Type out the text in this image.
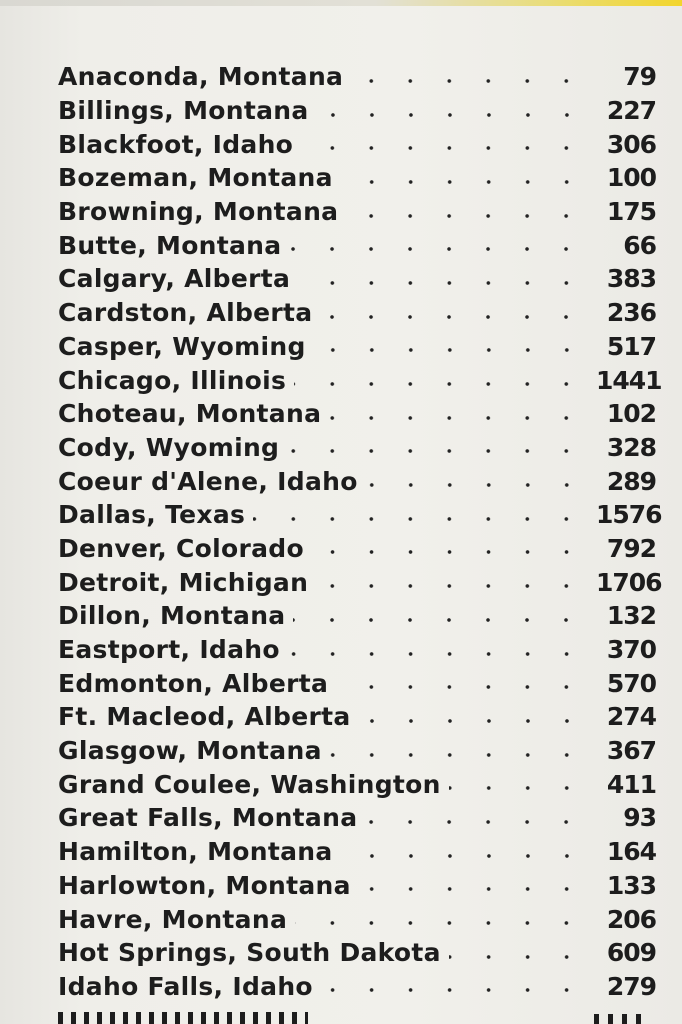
Anaconda, Montana	79
Billings, Montana	227
Blackfoot, Idaho	306
Bozeman, Montana	100
Browning, Montana	175
Butte, Montana	66
Calgary, Alberta	383
Cardston, Alberta	236
Casper, Wyoming	517
Chicago, Illinois	1441
Choteau, Montana	102
Cody, Wyoming	328
Coeur d'Alene, Idaho	289
Dallas, Texas	1576
Denver, Colorado	792
Detroit, Michigan	1706
Dillon, Montana	132
Eastport, Idaho	370
Edmonton, Alberta	570
Ft. Macleod, Alberta	274
Glasgow, Montana	367
Grand Coulee, Washington	411
Great Falls, Montana	93
Hamilton, Montana	164
Harlowton, Montana	133
Havre, Montana	206
Hot Springs, South Dakota	609
Idaho Falls, Idaho	279
